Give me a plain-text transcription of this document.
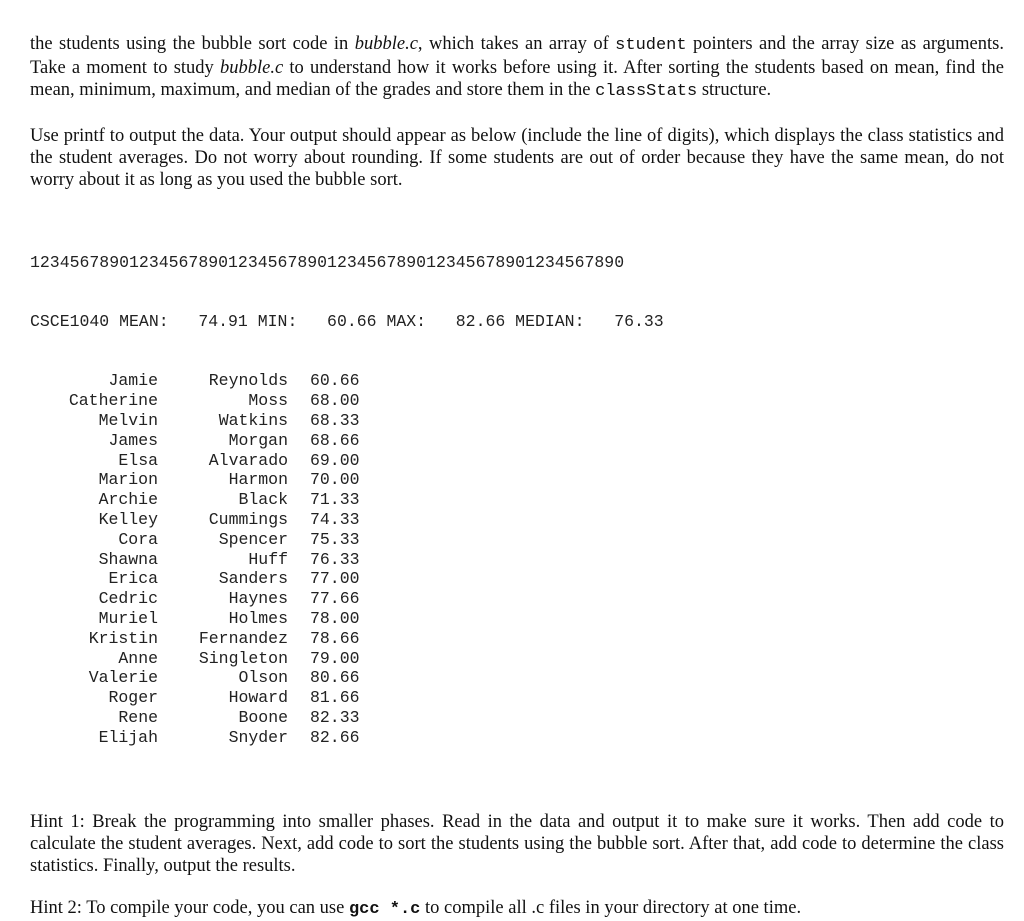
the students using the bubble sort code in bubble.c, which takes an array of student pointers and the array size as arguments. Take a moment to study bubble.c to understand how it works before using it. After sorting the students based on mean, find the mean, minimum, maximum, and median of the grades and store them in the classStats structure.

Use printf to output the data. Your output should appear as below (include the line of digits), which displays the class statistics and the student averages. Do not worry about rounding. If some students are out of order because they have the same mean, do not worry about it as long as you used the bubble sort.

123456789012345678901234567890123456789012345678901234567890

CSCE1040 MEAN:   74.91 MIN:   60.66 MAX:   82.66 MEDIAN:   76.33

Jamie	Reynolds 60.66
Catherine	Moss 68.00
Melvin	Watkins 68.33
James	Morgan 68.66
Elsa	Alvarado 69.00
Marion	Harmon 70.00
Archie	Black 71.33
Kelley	Cummings 74.33
Cora	Spencer 75.33
Shawna	Huff 76.33
Erica	Sanders 77.00
Cedric	Haynes 77.66
Muriel	Holmes 78.00
Kristin Fernandez 78.66
Anne Singleton 79.00
Valerie	Olson 80.66
Roger	Howard 81.66
Rene	Boone 82.33
Elijah	Snyder 82.66

Hint 1: Break the programming into smaller phases. Read in the data and output it to make sure it works. Then add code to calculate the student averages. Next, add code to sort the students using the bubble sort. After that, add code to determine the class statistics. Finally, output the results.

Hint 2: To compile your code, you can use gcc *.c to compile all .c files in your directory at one time.
